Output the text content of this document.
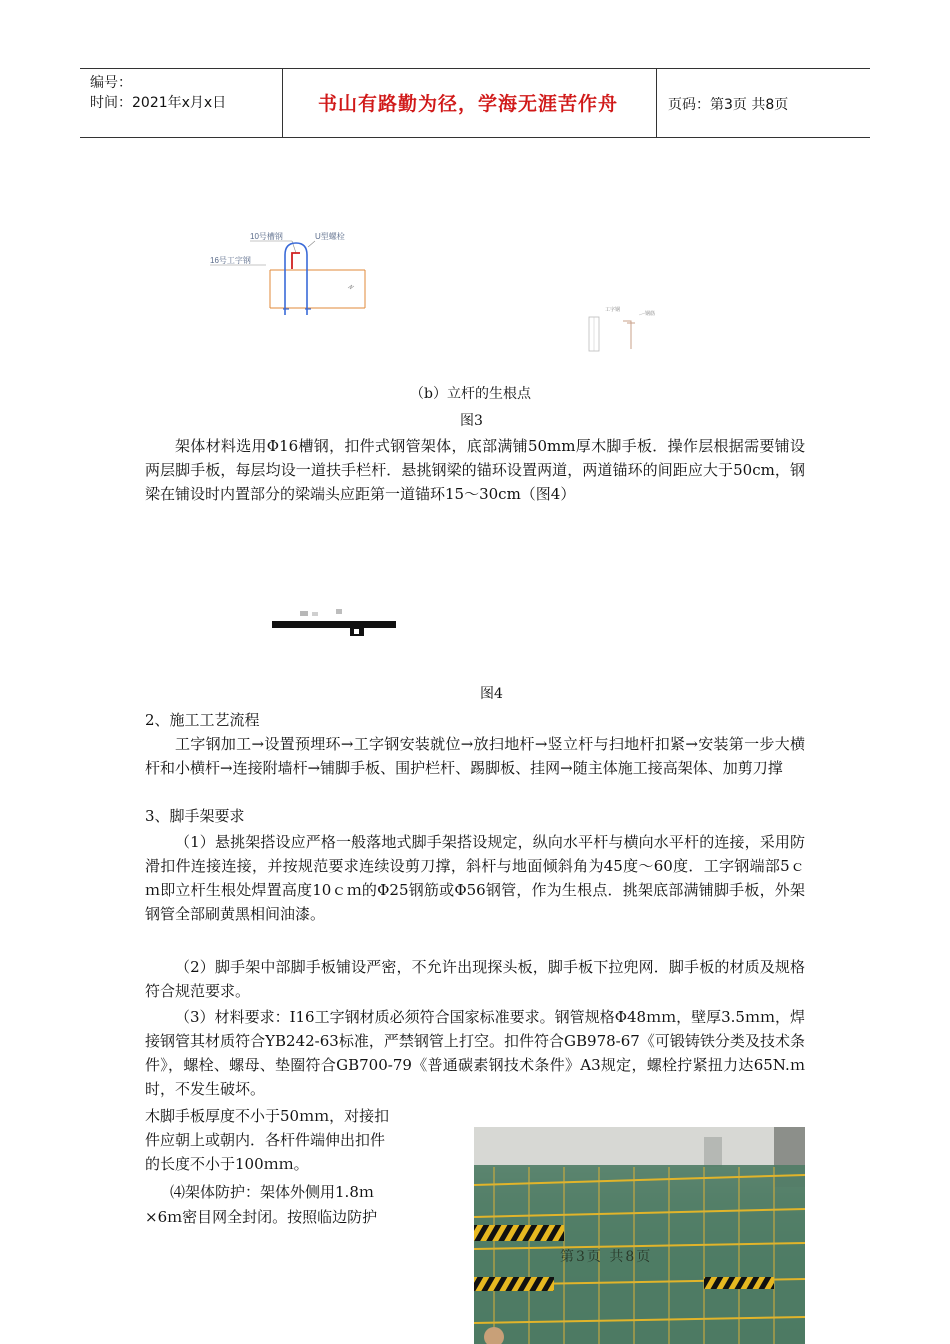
编号：
时间：2021年x月x日	书山有路勤为径，学海无涯苦作舟	页码：第3页 共8页
10号槽钢	U型螺栓
16号工字钢
工字钢
钢筋
（b）立杆的生根点
图3

架体材料选用Φ16槽钢，扣件式钢管架体，底部满铺50mm厚木脚手板．操作层根据需要铺设两层脚手板，每层均设一道扶手栏杆．悬挑钢梁的锚环设置两道，两道锚环的间距应大于50cm，钢梁在铺设时内置部分的梁端头应距第一道锚环15～30cm（图4）

图4
2、施工工艺流程

工字钢加工→设置预埋环→工字钢安装就位→放扫地杆→竖立杆与扫地杆扣紧→安装第一步大横杆和小横杆→连接附墙杆→铺脚手板、围护栏杆、踢脚板、挂网→随主体施工接高架体、加剪刀撑

3、脚手架要求

（1）悬挑架搭设应严格一般落地式脚手架搭设规定，纵向水平杆与横向水平杆的连接，采用防滑扣件连接连接，并按规范要求连续设剪刀撑，斜杆与地面倾斜角为45度～60度．工字钢端部5ｃｍ即立杆生根处焊置高度10ｃｍ的Φ25钢筋或Φ56钢管，作为生根点．挑架底部满铺脚手板，外架钢管全部刷黄黑相间油漆。

（2）脚手架中部脚手板铺设严密，不允许出现探头板，脚手板下拉兜网．脚手板的材质及规格符合规范要求。

（3）材料要求：I16工字钢材质必须符合国家标准要求。钢管规格Φ48ｍｍ，壁厚3.5ｍｍ，焊接钢管其材质符合YB242-63标准，严禁钢管上打空。扣件符合GB978-67《可锻铸铁分类及技术条件》，螺栓、螺母、垫圈符合GB700-79《普通碳素钢技术条件》A3规定，螺栓拧紧扭力达65N.ｍ时，不发生破坏。

木脚手板厚度不小于50ｍｍ，对接扣
件应朝上或朝内．各杆件端伸出扣件
的长度不小于100ｍｍ。
⑷架体防护：架体外侧用1.8ｍ
×6ｍ密目网全封闭。按照临边防护
第3页 共8页
